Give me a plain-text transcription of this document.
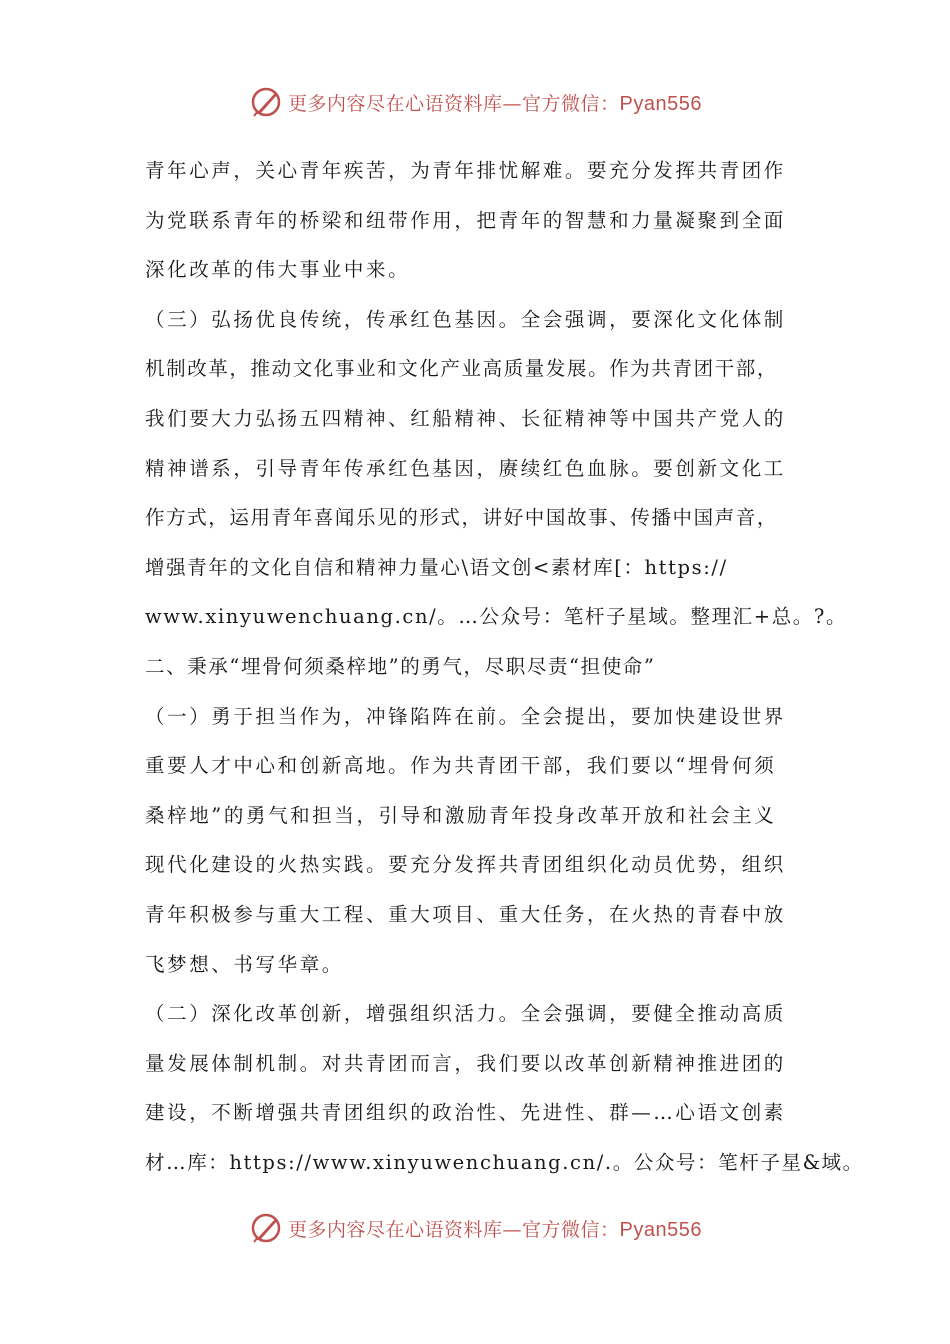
更多内容尽在心语资料库—官方微信：Pyan556
青年心声，关心青年疾苦，为青年排忧解难。要充分发挥共青团作
为党联系青年的桥梁和纽带作用，把青年的智慧和力量凝聚到全面
深化改革的伟大事业中来。
（三）弘扬优良传统，传承红色基因。全会强调，要深化文化体制
机制改革，推动文化事业和文化产业高质量发展。作为共青团干部，
我们要大力弘扬五四精神、红船精神、长征精神等中国共产党人的
精神谱系，引导青年传承红色基因，赓续红色血脉。要创新文化工
作方式，运用青年喜闻乐见的形式，讲好中国故事、传播中国声音，
增强青年的文化自信和精神力量心\语文创<素材库[：https://
www.xinyuwenchuang.cn/。…公众号：笔杆子星域。整理汇+总。?。
二、秉承“埋骨何须桑梓地”的勇气，尽职尽责“担使命”
（一）勇于担当作为，冲锋陷阵在前。全会提出，要加快建设世界
重要人才中心和创新高地。作为共青团干部，我们要以“埋骨何须
桑梓地”的勇气和担当，引导和激励青年投身改革开放和社会主义
现代化建设的火热实践。要充分发挥共青团组织化动员优势，组织
青年积极参与重大工程、重大项目、重大任务，在火热的青春中放
飞梦想、书写华章。
（二）深化改革创新，增强组织活力。全会强调，要健全推动高质
量发展体制机制。对共青团而言，我们要以改革创新精神推进团的
建设，不断增强共青团组织的政治性、先进性、群—…心语文创素
材…库：https://www.xinyuwenchuang.cn/.。公众号：笔杆子星&域。
更多内容尽在心语资料库—官方微信：Pyan556
